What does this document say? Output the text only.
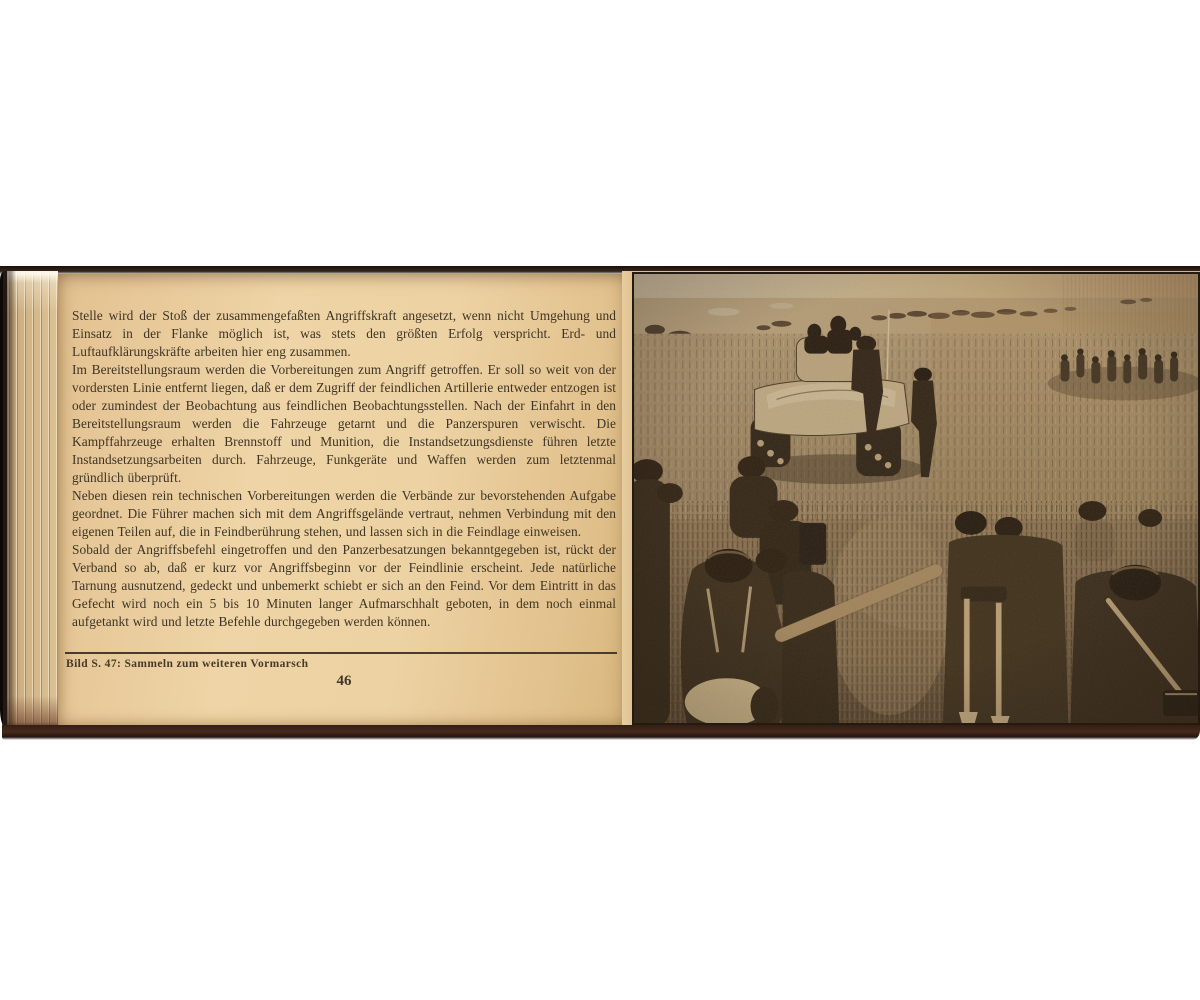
Stelle wird der Stoß der zusammengefaßten Angriffskraft angesetzt, wenn nicht Umgehung und Einsatz in der Flanke möglich ist, was stets den größten Erfolg verspricht. Erd- und Luftaufklärungskräfte arbeiten hier eng zusammen.

Im Bereitstellungsraum werden die Vorbereitungen zum Angriff getroffen. Er soll so weit von der vordersten Linie entfernt liegen, daß er dem Zugriff der feindlichen Artillerie entweder entzogen ist oder zumindest der Beobachtung aus feindlichen Beobachtungsstellen. Nach der Einfahrt in den Bereitstellungsraum werden die Fahrzeuge getarnt und die Panzerspuren verwischt. Die Kampffahrzeuge erhalten Brennstoff und Munition, die Instandsetzungsdienste führen letzte Instandsetzungsarbeiten durch. Fahrzeuge, Funkgeräte und Waffen werden zum letztenmal gründlich überprüft.

Neben diesen rein technischen Vorbereitungen werden die Verbände zur bevorstehenden Aufgabe geordnet. Die Führer machen sich mit dem Angriffsgelände vertraut, nehmen Verbindung mit den eigenen Teilen auf, die in Feindberührung stehen, und lassen sich in die Feindlage einweisen.

Sobald der Angriffsbefehl eingetroffen und den Panzerbesatzungen bekanntgegeben ist, rückt der Verband so ab, daß er kurz vor Angriffsbeginn vor der Feindlinie erscheint. Jede natürliche Tarnung ausnutzend, gedeckt und unbemerkt schiebt er sich an den Feind. Vor dem Eintritt in das Gefecht wird noch ein 5 bis 10 Minuten langer Aufmarschhalt geboten, in dem noch einmal aufgetankt wird und letzte Befehle durchgegeben werden können.

Bild S. 47: Sammeln zum weiteren Vormarsch
46
